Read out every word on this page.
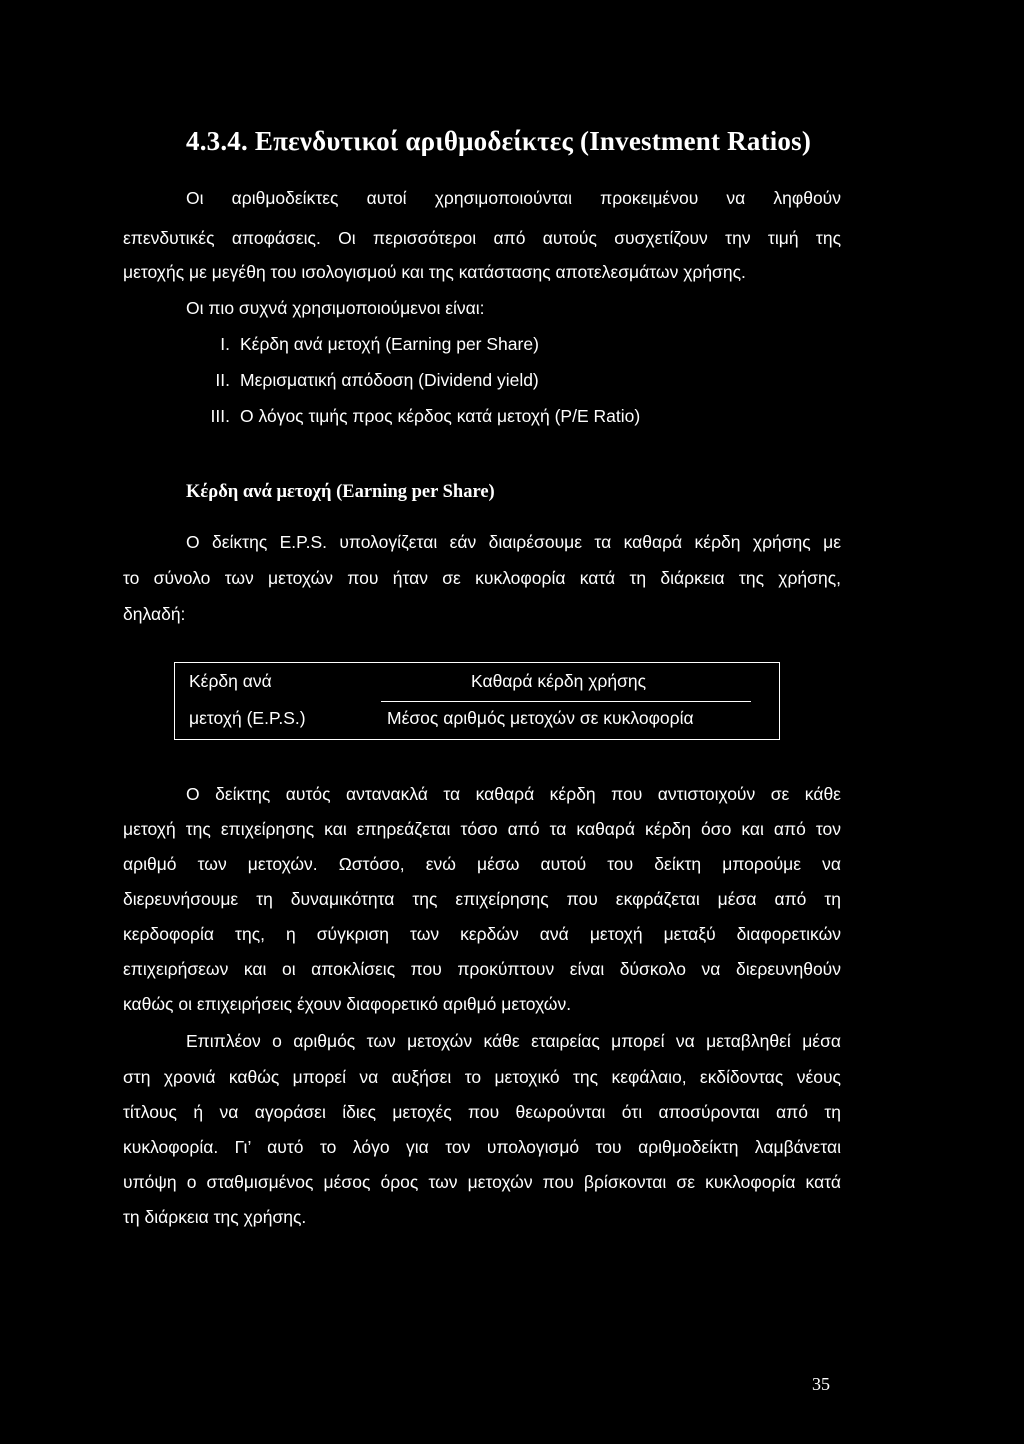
4.3.4. Επενδυτικοί αριθμοδείκτες (Investment Ratios)
Οι αριθμοδείκτες αυτοί χρησιμοποιούνται προκειμένου να ληφθούν
επενδυτικές αποφάσεις. Οι περισσότεροι από αυτούς συσχετίζουν την τιμή της
μετοχής με μεγέθη του ισολογισμού και της κατάστασης αποτελεσμάτων χρήσης.
Οι πιο συχνά χρησιμοποιούμενοι είναι:
I. Κέρδη ανά μετοχή (Earning per Share)
II. Μερισματική απόδοση (Dividend yield)
III. Ο λόγος τιμής προς κέρδος κατά μετοχή (P/E Ratio)
Κέρδη ανά μετοχή (Earning per Share)
Ο δείκτης E.P.S. υπολογίζεται εάν διαιρέσουμε τα καθαρά κέρδη χρήσης με
το σύνολο των μετοχών που ήταν σε κυκλοφορία κατά τη διάρκεια της χρήσης,
δηλαδή:
Κέρδη ανά
μετοχή (E.P.S.)
Καθαρά κέρδη χρήσης
Μέσος αριθμός μετοχών σε κυκλοφορία
Ο δείκτης αυτός αντανακλά τα καθαρά κέρδη που αντιστοιχούν σε κάθε
μετοχή της επιχείρησης και επηρεάζεται τόσο από τα καθαρά κέρδη όσο και από τον
αριθμό των μετοχών. Ωστόσο, ενώ μέσω αυτού του δείκτη μπορούμε να
διερευνήσουμε τη δυναμικότητα της επιχείρησης που εκφράζεται μέσα από τη
κερδοφορία της, η σύγκριση των κερδών ανά μετοχή μεταξύ διαφορετικών
επιχειρήσεων και οι αποκλίσεις που προκύπτουν είναι δύσκολο να διερευνηθούν
καθώς οι επιχειρήσεις έχουν διαφορετικό αριθμό μετοχών.
Επιπλέον ο αριθμός των μετοχών κάθε εταιρείας μπορεί να μεταβληθεί μέσα
στη χρονιά καθώς μπορεί να αυξήσει το μετοχικό της κεφάλαιο, εκδίδοντας νέους
τίτλους ή να αγοράσει ίδιες μετοχές που θεωρούνται ότι αποσύρονται από τη
κυκλοφορία. Γι’ αυτό το λόγο για τον υπολογισμό του αριθμοδείκτη λαμβάνεται
υπόψη ο σταθμισμένος μέσος όρος των μετοχών που βρίσκονται σε κυκλοφορία κατά
τη διάρκεια της χρήσης.
35
